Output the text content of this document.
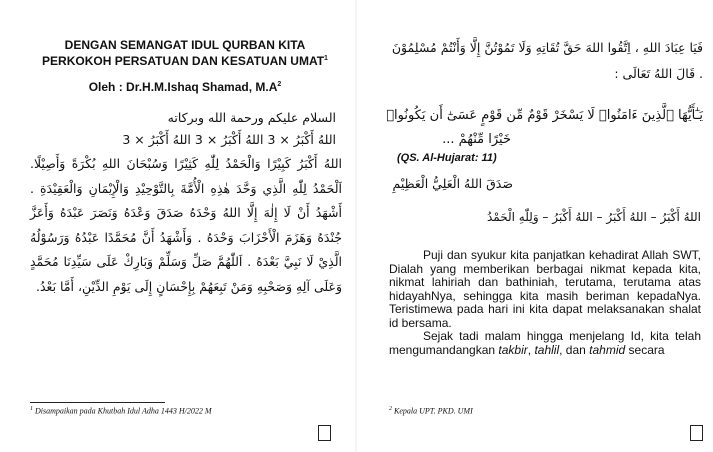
DENGAN SEMANGAT IDUL QURBAN KITA PERKOKOH PERSATUAN DAN KESATUAN UMAT$^1$
Oleh : Dr.H.M.Ishaq Shamad, $M.A^2$
السلام عليكم ورحمة الله وبركاته
اللهُ أَكْبَرُ × 3 اللهُ أَكْبَرُ × 3 اللهُ أَكْبَرُ × 3
اللهُ أَكْبَرُ كَبِيْرًا وَالْحَمْدُ لِلّٰهِ كَثِيْرًا وَسُبْحَانَ اللهِ بُكْرَةً وَأَصِيْلًا. اَلْحَمْدُ لِلّٰهِ الَّذِي وَحَّدَ هٰذِهِ الْأُمَّةَ بِالتَّوْحِيْدِ وَالْإِيْمَانِ وَالْعَقِيْدَةِ . أَشْهَدُ أَنْ لَا إِلٰهَ إِلَّا اللهُ وَحْدَهُ صَدَقَ وَعْدَهُ وَنَصَرَ عَبْدَهُ وَأَعَزَّ جُنْدَهُ وَهَزَمَ الْأَحْزَابَ وَحْدَهُ . وَأَشْهَدُ أَنَّ مُحَمَّدًا عَبْدُهُ وَرَسُوْلُهُ الَّذِيْ لَا نَبِيَّ بَعْدَهُ . اَللّٰهُمَّ صَلِّ وَسَلِّمْ وَبَارِكْ عَلَى سَيِّدِنَا مُحَمَّدٍ وَعَلَى آلِهِ وَصَحْبِهِ وَمَنْ تَبِعَهُمْ بِإِحْسَانٍ إِلَى يَوْمِ الدِّيْنِ، أَمَّا بَعْدُ.
$^1$ Disampaikan pada Khutbah Idul Adha 1443 H/2022 M
فَيَا عِبَادَ اللهِ ، اِتَّقُوا اللهَ حَقَّ تُقَاتِهِ وَلَا تَمُوْتُنَّ إِلَّا وَأَنْتُمْ مُسْلِمُوْنَ
. قَالَ اللهُ تَعَالَى :
يَـٰٓأَيُّهَا ٱلَّذِينَ ءَامَنُوا۟ لَا يَسْخَرْ قَوْمٌ مِّن قَوْمٍ عَسَىٰٓ أَن يَكُونُوا۟
خَيْرًا مِّنْهُمْ ...
(QS. Al-Hujarat: 11)
صَدَقَ اللهُ الْعَلِيُّ الْعَظِيْمِ
اللهُ أَكْبَرُ – اللهُ أَكْبَرُ – اللهُ أَكْبَرُ – وَلِلّٰهِ الْحَمْدُ

Puji dan syukur kita panjatkan kehadirat Allah SWT, Dialah yang memberikan berbagai nikmat kepada kita, nikmat lahiriah dan bathiniah, terutama, terutama atas hidayahNya, sehingga kita masih beriman kepadaNya. Teristimewa pada hari ini kita dapat melaksanakan shalat id bersama.

Sejak tadi malam hingga menjelang Id, kita telah mengumandangkan takbir, tahlil, dan tahmid secara

$^2$ Kepala UPT. PKD. UMI
